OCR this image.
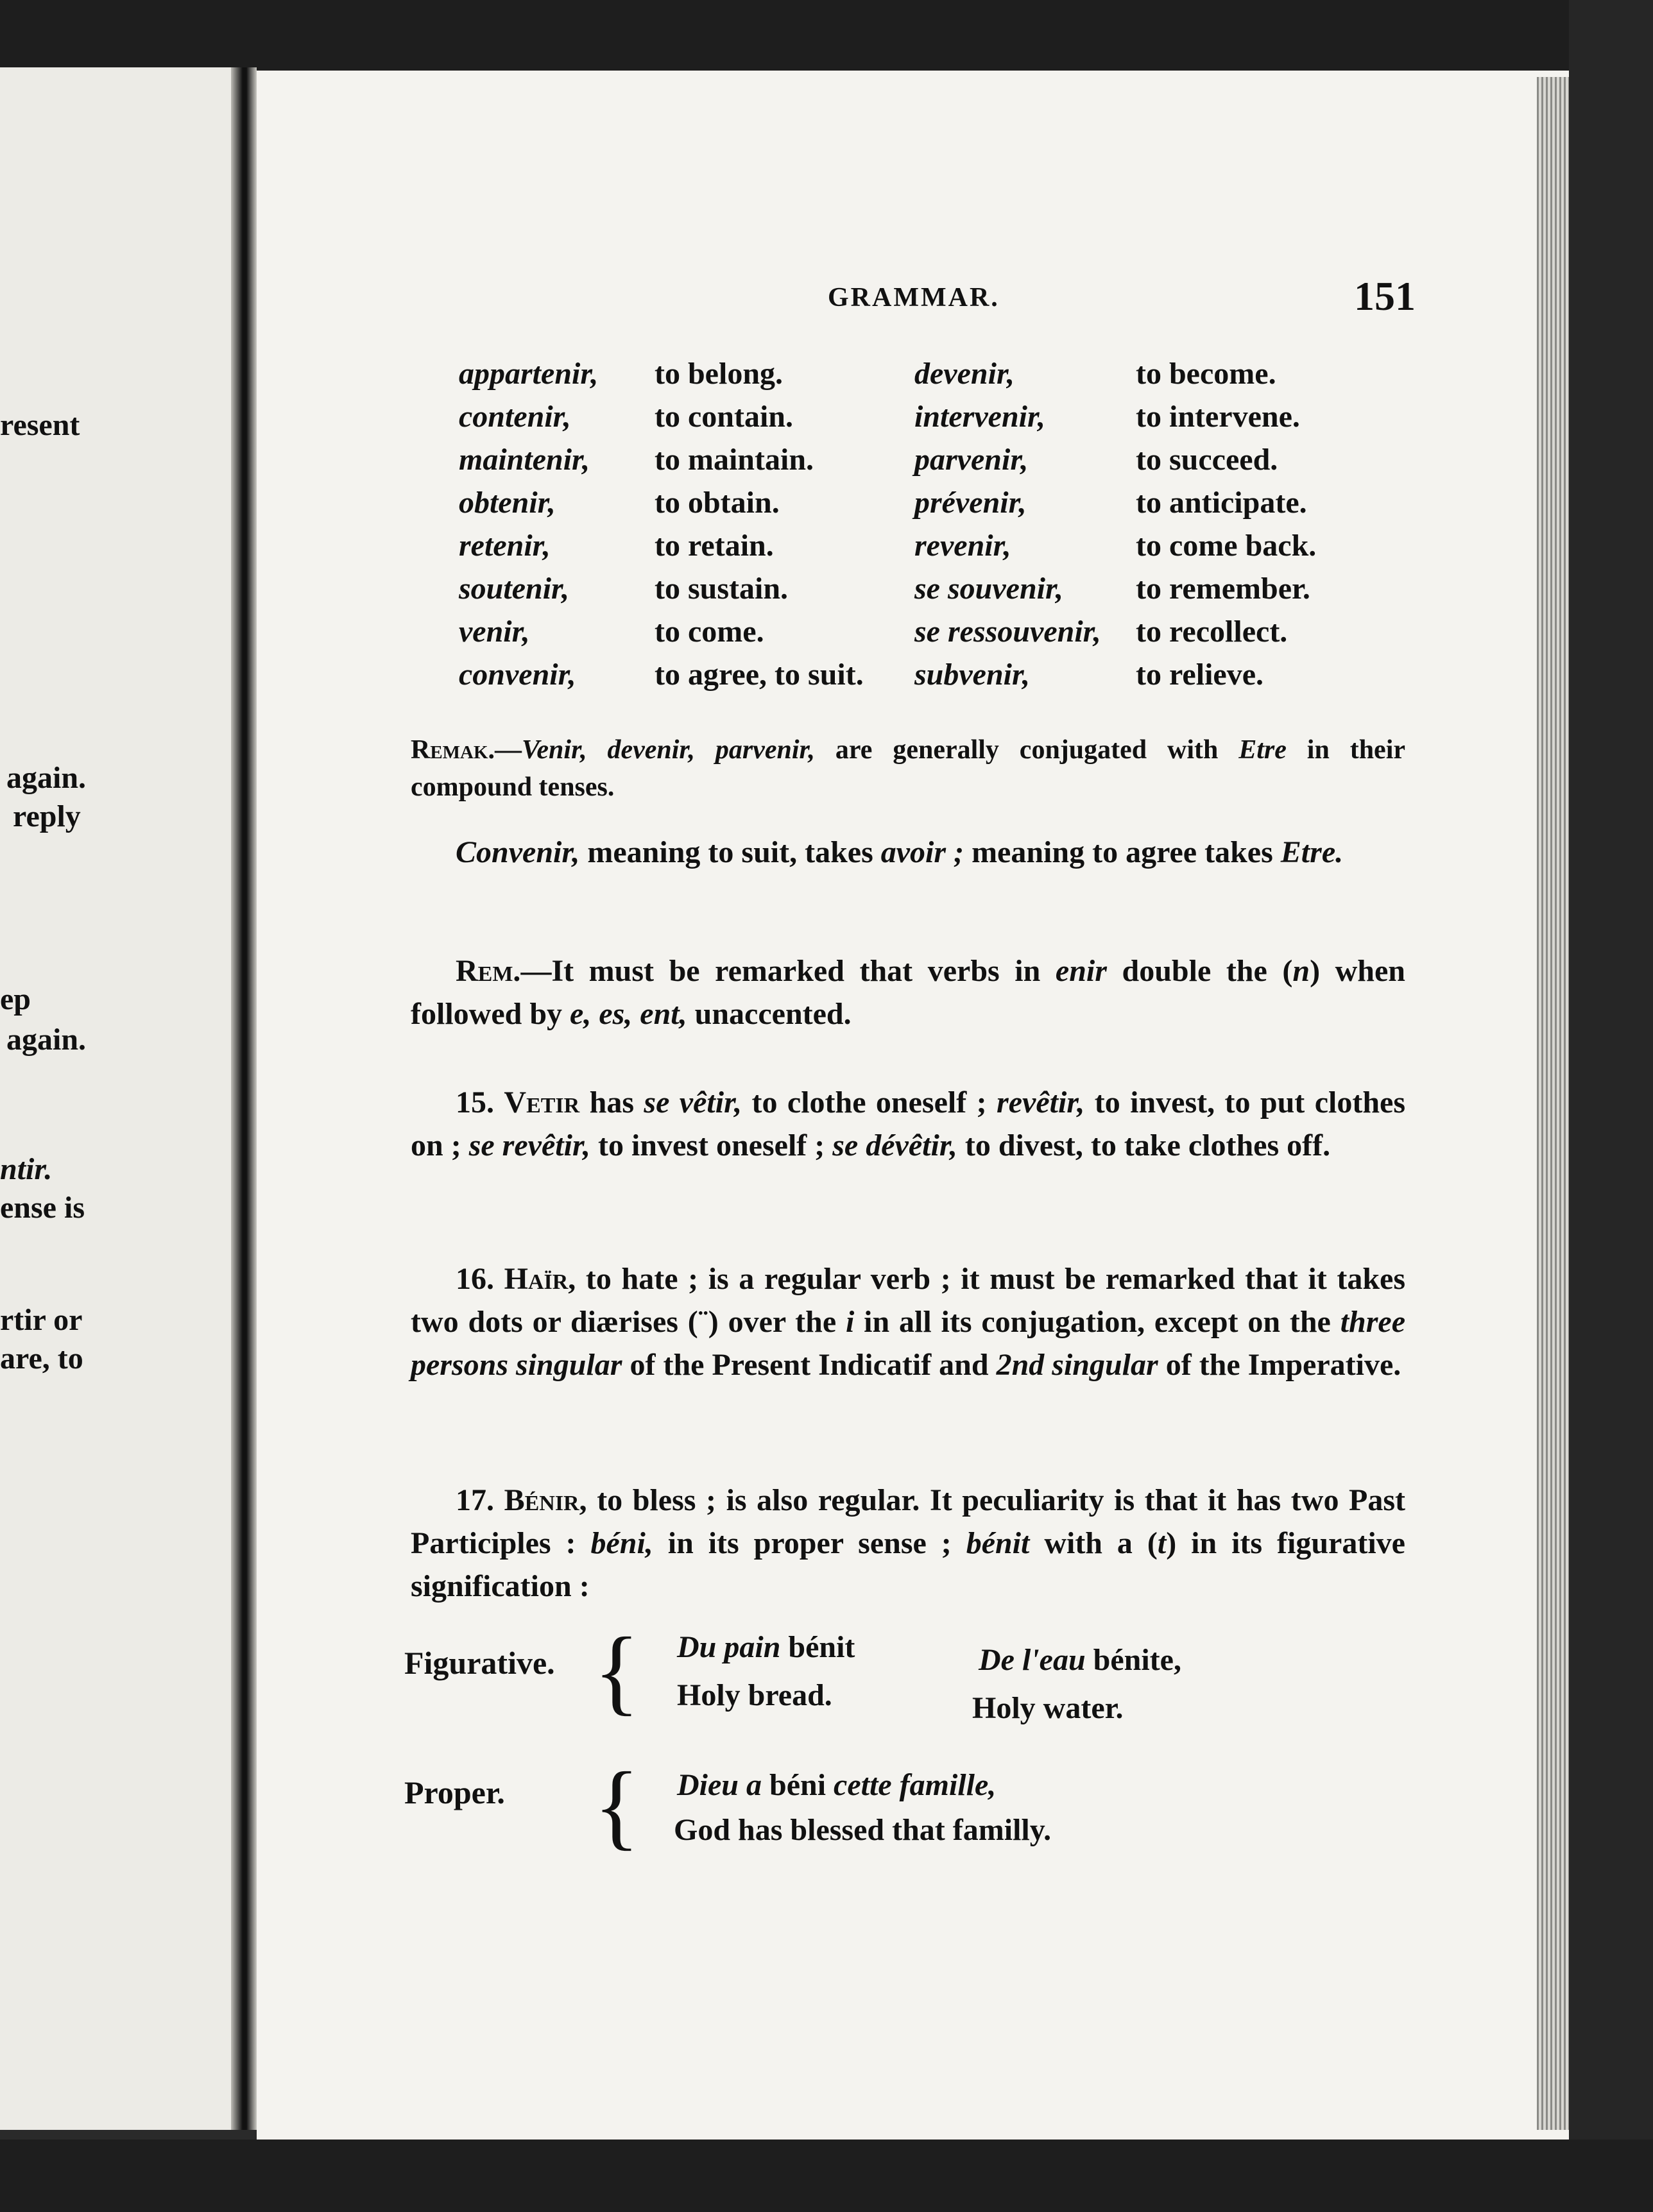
resent
again.
reply
ep
again.
ntir.
ense is
rtir or
are, to
GRAMMAR.	151
appartenir, to belong.	devenir,	to become.
contenir,	to contain.	intervenir,	to intervene.
maintenir, to maintain.	parvenir,	to succeed.
obtenir,	to obtain.	prévenir,	to anticipate.
retenir,	to retain.	revenir,	to come back.
soutenir,	to sustain.	se souvenir, to remember.
venir,	to come.	se ressouvenir, to recollect.
convenir,	to agree, to suit. subvenir,	to relieve.
Remak.—Venir, devenir, parvenir, are generally conjugated with Etre in their compound tenses.
Convenir, meaning to suit, takes avoir ; meaning to agree takes Etre.
Rem.—It must be remarked that verbs in enir double the (n) when followed by e, es, ent, unaccented.
15. Vetir has se vêtir, to clothe oneself ; revêtir, to invest, to put clothes on ; se revêtir, to invest oneself ; se dévêtir, to divest, to take clothes off.
16. Haïr, to hate ; is a regular verb ; it must be remarked that it takes two dots or diærises (¨) over the i in all its conjugation, except on the three persons singular of the Present Indicatif and 2nd singular of the Imperative.
17. Bénir, to bless ; is also regular. It peculiarity is that it has two Past Participles : béni, in its proper sense ; bénit with a (t) in its figurative signification :
Figurative. { Du pain bénit	De l'eau bénite,
Holy bread.	Holy water.
Proper. { Dieu a béni cette famille,
God has blessed that familly.
